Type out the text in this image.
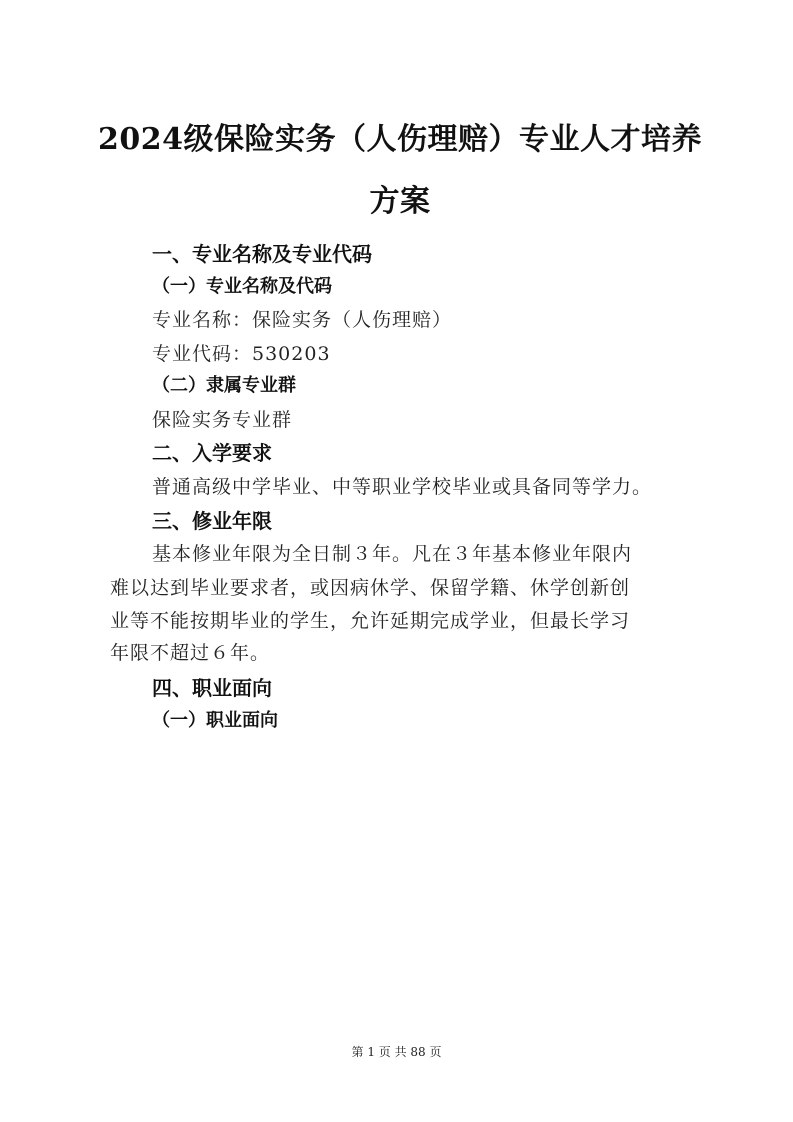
2024级保险实务（人伤理赔）专业人才培养
方案
一、专业名称及专业代码
（一）专业名称及代码

专业名称：保险实务（人伤理赔）

专业代码：530203

（二）隶属专业群

保险实务专业群

二、入学要求

普通高级中学毕业、中等职业学校毕业或具备同等学力。

三、修业年限

基本修业年限为全日制３年。凡在３年基本修业年限内

难以达到毕业要求者，或因病休学、保留学籍、休学创新创

业等不能按期毕业的学生，允许延期完成学业，但最长学习

年限不超过６年。

四、职业面向
（一）职业面向
第 1 页 共 88 页
